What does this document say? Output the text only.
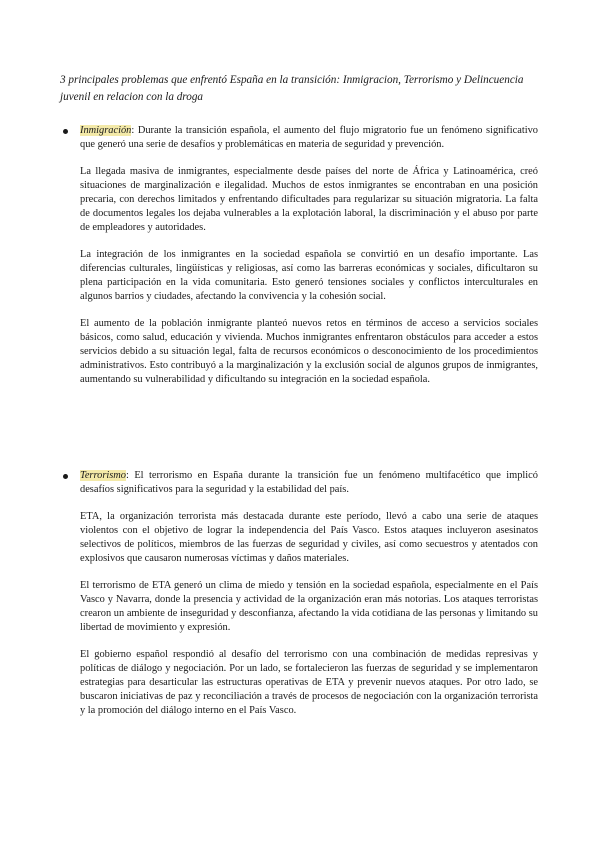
3 principales problemas que enfrentó España en la transición: Inmigracion, Terrorismo y Delincuencia juvenil en relacion con la droga

Inmigración: Durante la transición española, el aumento del flujo migratorio fue un fenómeno significativo que generó una serie de desafíos y problemáticas en materia de seguridad y prevención.

La llegada masiva de inmigrantes, especialmente desde países del norte de África y Latinoamérica, creó situaciones de marginalización e ilegalidad. Muchos de estos inmigrantes se encontraban en una posición precaria, con derechos limitados y enfrentando dificultades para regularizar su situación migratoria. La falta de documentos legales los dejaba vulnerables a la explotación laboral, la discriminación y el abuso por parte de empleadores y autoridades.

La integración de los inmigrantes en la sociedad española se convirtió en un desafío importante. Las diferencias culturales, lingüísticas y religiosas, así como las barreras económicas y sociales, dificultaron su plena participación en la vida comunitaria. Esto generó tensiones sociales y conflictos interculturales en algunos barrios y ciudades, afectando la convivencia y la cohesión social.

El aumento de la población inmigrante planteó nuevos retos en términos de acceso a servicios sociales básicos, como salud, educación y vivienda. Muchos inmigrantes enfrentaron obstáculos para acceder a estos servicios debido a su situación legal, falta de recursos económicos o desconocimiento de los procedimientos administrativos. Esto contribuyó a la marginalización y la exclusión social de algunos grupos de inmigrantes, aumentando su vulnerabilidad y dificultando su integración en la sociedad española.

Terrorismo: El terrorismo en España durante la transición fue un fenómeno multifacético que implicó desafíos significativos para la seguridad y la estabilidad del país.

ETA, la organización terrorista más destacada durante este período, llevó a cabo una serie de ataques violentos con el objetivo de lograr la independencia del País Vasco. Estos ataques incluyeron asesinatos selectivos de políticos, miembros de las fuerzas de seguridad y civiles, así como secuestros y atentados con explosivos que causaron numerosas víctimas y daños materiales.

El terrorismo de ETA generó un clima de miedo y tensión en la sociedad española, especialmente en el País Vasco y Navarra, donde la presencia y actividad de la organización eran más notorias. Los ataques terroristas crearon un ambiente de inseguridad y desconfianza, afectando la vida cotidiana de las personas y limitando su libertad de movimiento y expresión.

El gobierno español respondió al desafío del terrorismo con una combinación de medidas represivas y políticas de diálogo y negociación. Por un lado, se fortalecieron las fuerzas de seguridad y se implementaron estrategias para desarticular las estructuras operativas de ETA y prevenir nuevos ataques. Por otro lado, se buscaron iniciativas de paz y reconciliación a través de procesos de negociación con la organización terrorista y la promoción del diálogo interno en el País Vasco.
